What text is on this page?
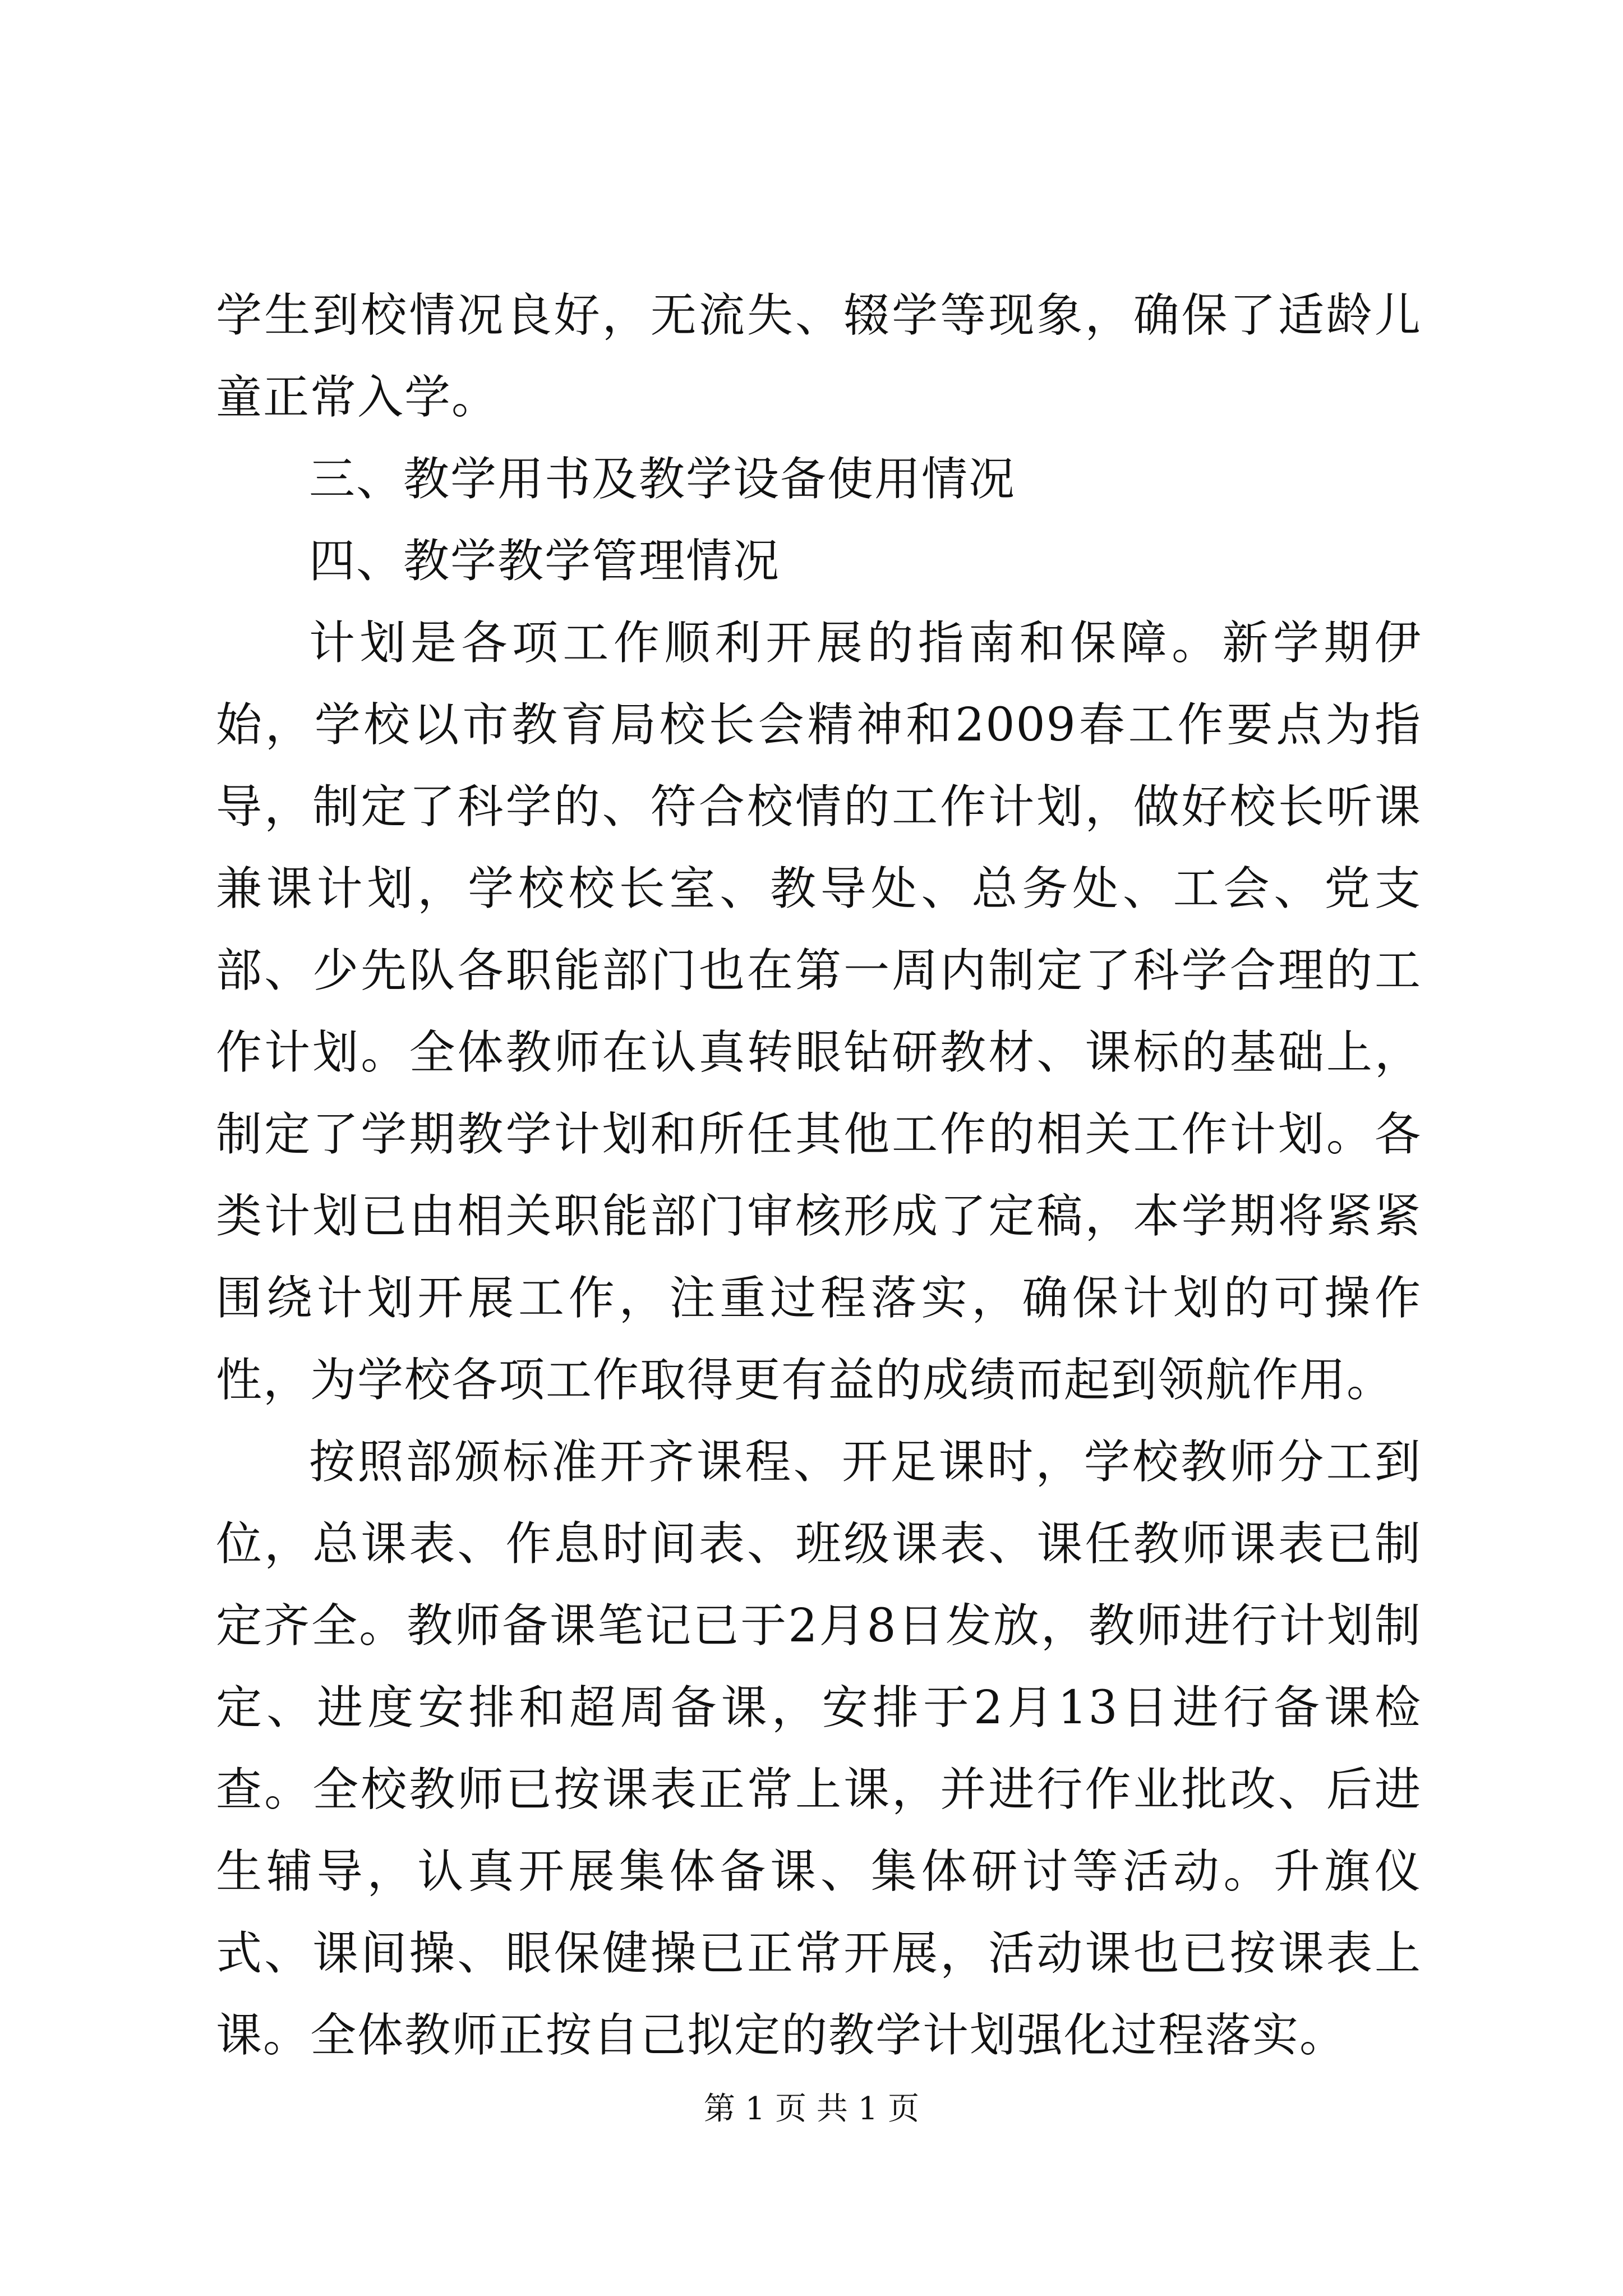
学生到校情况良好，无流失、辍学等现象，确保了适龄儿童正常入学。

三、教学用书及教学设备使用情况

四、教学教学管理情况

计划是各项工作顺利开展的指南和保障。新学期伊始，学校以市教育局校长会精神和2009春工作要点为指导，制定了科学的、符合校情的工作计划，做好校长听课兼课计划，学校校长室、教导处、总务处、工会、党支部、少先队各职能部门也在第一周内制定了科学合理的工作计划。全体教师在认真转眼钻研教材、课标的基础上，制定了学期教学计划和所任其他工作的相关工作计划。各类计划已由相关职能部门审核形成了定稿，本学期将紧紧围绕计划开展工作，注重过程落实，确保计划的可操作性，为学校各项工作取得更有益的成绩而起到领航作用。

按照部颁标准开齐课程、开足课时，学校教师分工到位，总课表、作息时间表、班级课表、课任教师课表已制定齐全。教师备课笔记已于2月8日发放，教师进行计划制定、进度安排和超周备课，安排于2月13日进行备课检查。全校教师已按课表正常上课，并进行作业批改、后进生辅导，认真开展集体备课、集体研讨等活动。升旗仪式、课间操、眼保健操已正常开展，活动课也已按课表上课。全体教师正按自己拟定的教学计划强化过程落实。

第 1 页 共 1 页
